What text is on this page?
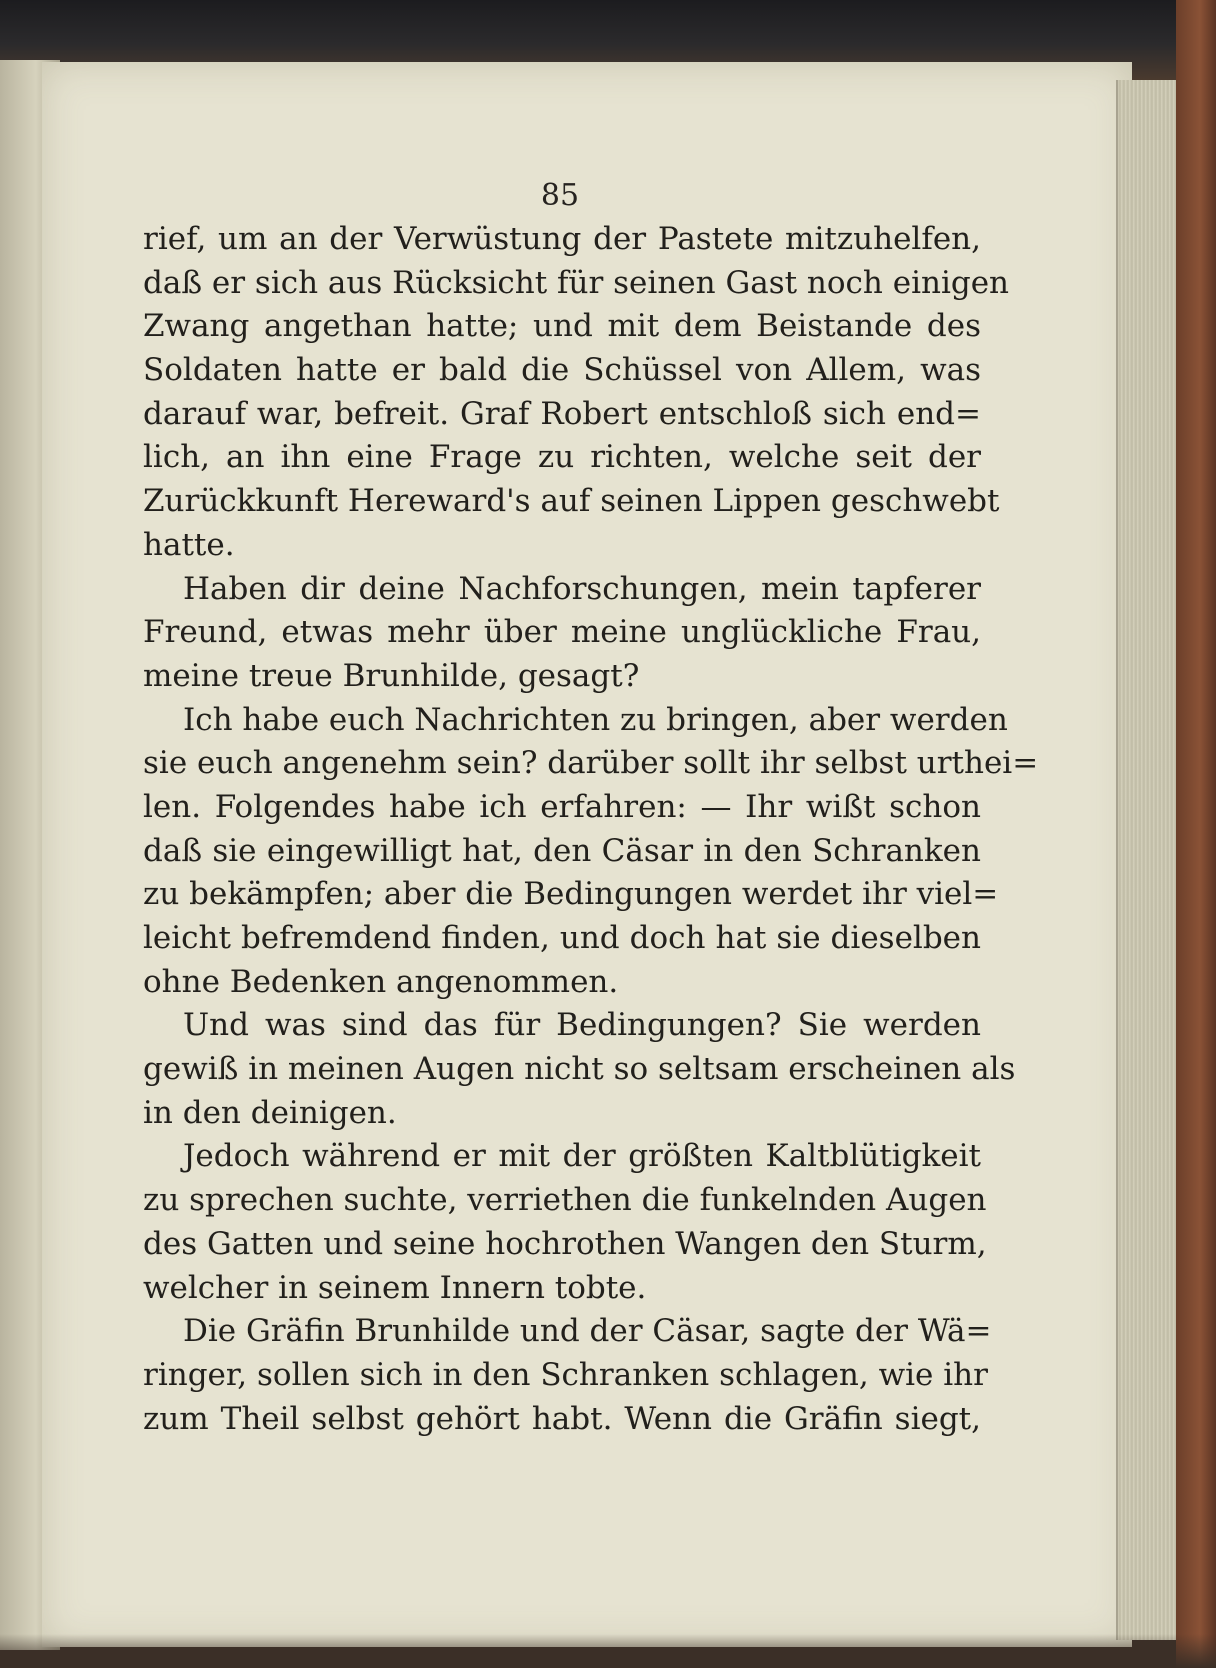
85
rief, um an der Verwüstung der Pastete mitzuhelfen,
daß er sich aus Rücksicht für seinen Gast noch einigen
Zwang angethan hatte; und mit dem Beistande des
Soldaten hatte er bald die Schüssel von Allem, was
darauf war, befreit. Graf Robert entschloß sich end=
lich, an ihn eine Frage zu richten, welche seit der
Zurückkunft Hereward's auf seinen Lippen geschwebt
hatte.
Haben dir deine Nachforschungen, mein tapferer
Freund, etwas mehr über meine unglückliche Frau,
meine treue Brunhilde, gesagt?
Ich habe euch Nachrichten zu bringen, aber werden
sie euch angenehm sein? darüber sollt ihr selbst urthei=
len. Folgendes habe ich erfahren: — Ihr wißt schon
daß sie eingewilligt hat, den Cäsar in den Schranken
zu bekämpfen; aber die Bedingungen werdet ihr viel=
leicht befremdend finden, und doch hat sie dieselben
ohne Bedenken angenommen.
Und was sind das für Bedingungen? Sie werden
gewiß in meinen Augen nicht so seltsam erscheinen als
in den deinigen.
Jedoch während er mit der größten Kaltblütigkeit
zu sprechen suchte, verriethen die funkelnden Augen
des Gatten und seine hochrothen Wangen den Sturm,
welcher in seinem Innern tobte.
Die Gräfin Brunhilde und der Cäsar, sagte der Wä=
ringer, sollen sich in den Schranken schlagen, wie ihr
zum Theil selbst gehört habt. Wenn die Gräfin siegt,
